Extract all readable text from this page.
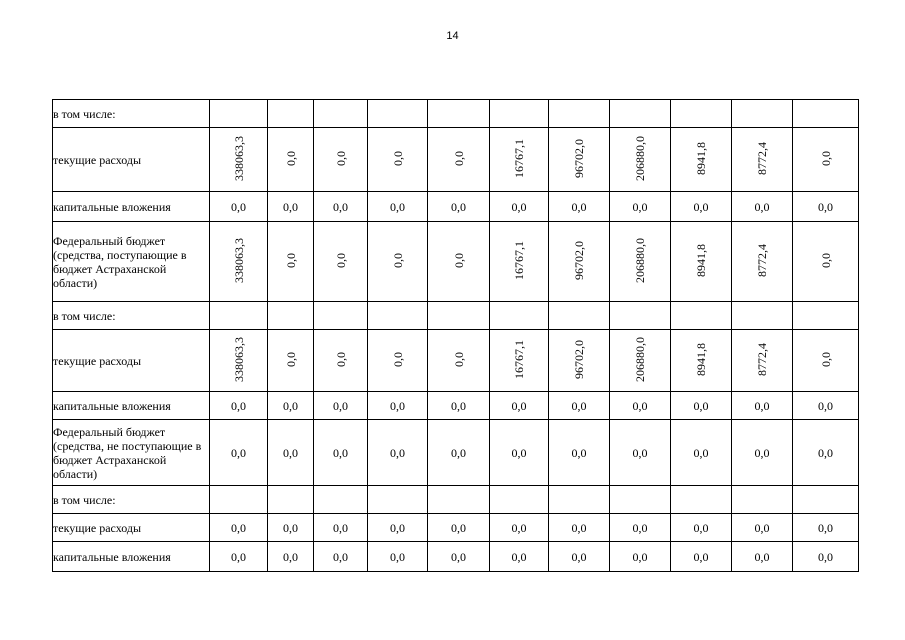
14
в том числе:											
текущие расходы	338063,3	0,0	0,0	0,0	0,0	16767,1	96702,0	206880,0	8941,8	8772,4	0,0
капитальные вложения	0,0	0,0	0,0	0,0	0,0	0,0	0,0	0,0	0,0	0,0	0,0
Федеральный бюджет (средства, поступающие в бюджет Астраханской области)	338063,3	0,0	0,0	0,0	0,0	16767,1	96702,0	206880,0	8941,8	8772,4	0,0
в том числе:											
текущие расходы	338063,3	0,0	0,0	0,0	0,0	16767,1	96702,0	206880,0	8941,8	8772,4	0,0
капитальные вложения	0,0	0,0	0,0	0,0	0,0	0,0	0,0	0,0	0,0	0,0	0,0
Федеральный бюджет (средства, не поступающие в бюджет Астраханской области)	0,0	0,0	0,0	0,0	0,0	0,0	0,0	0,0	0,0	0,0	0,0
в том числе:											
текущие расходы	0,0	0,0	0,0	0,0	0,0	0,0	0,0	0,0	0,0	0,0	0,0
капитальные вложения	0,0	0,0	0,0	0,0	0,0	0,0	0,0	0,0	0,0	0,0	0,0
